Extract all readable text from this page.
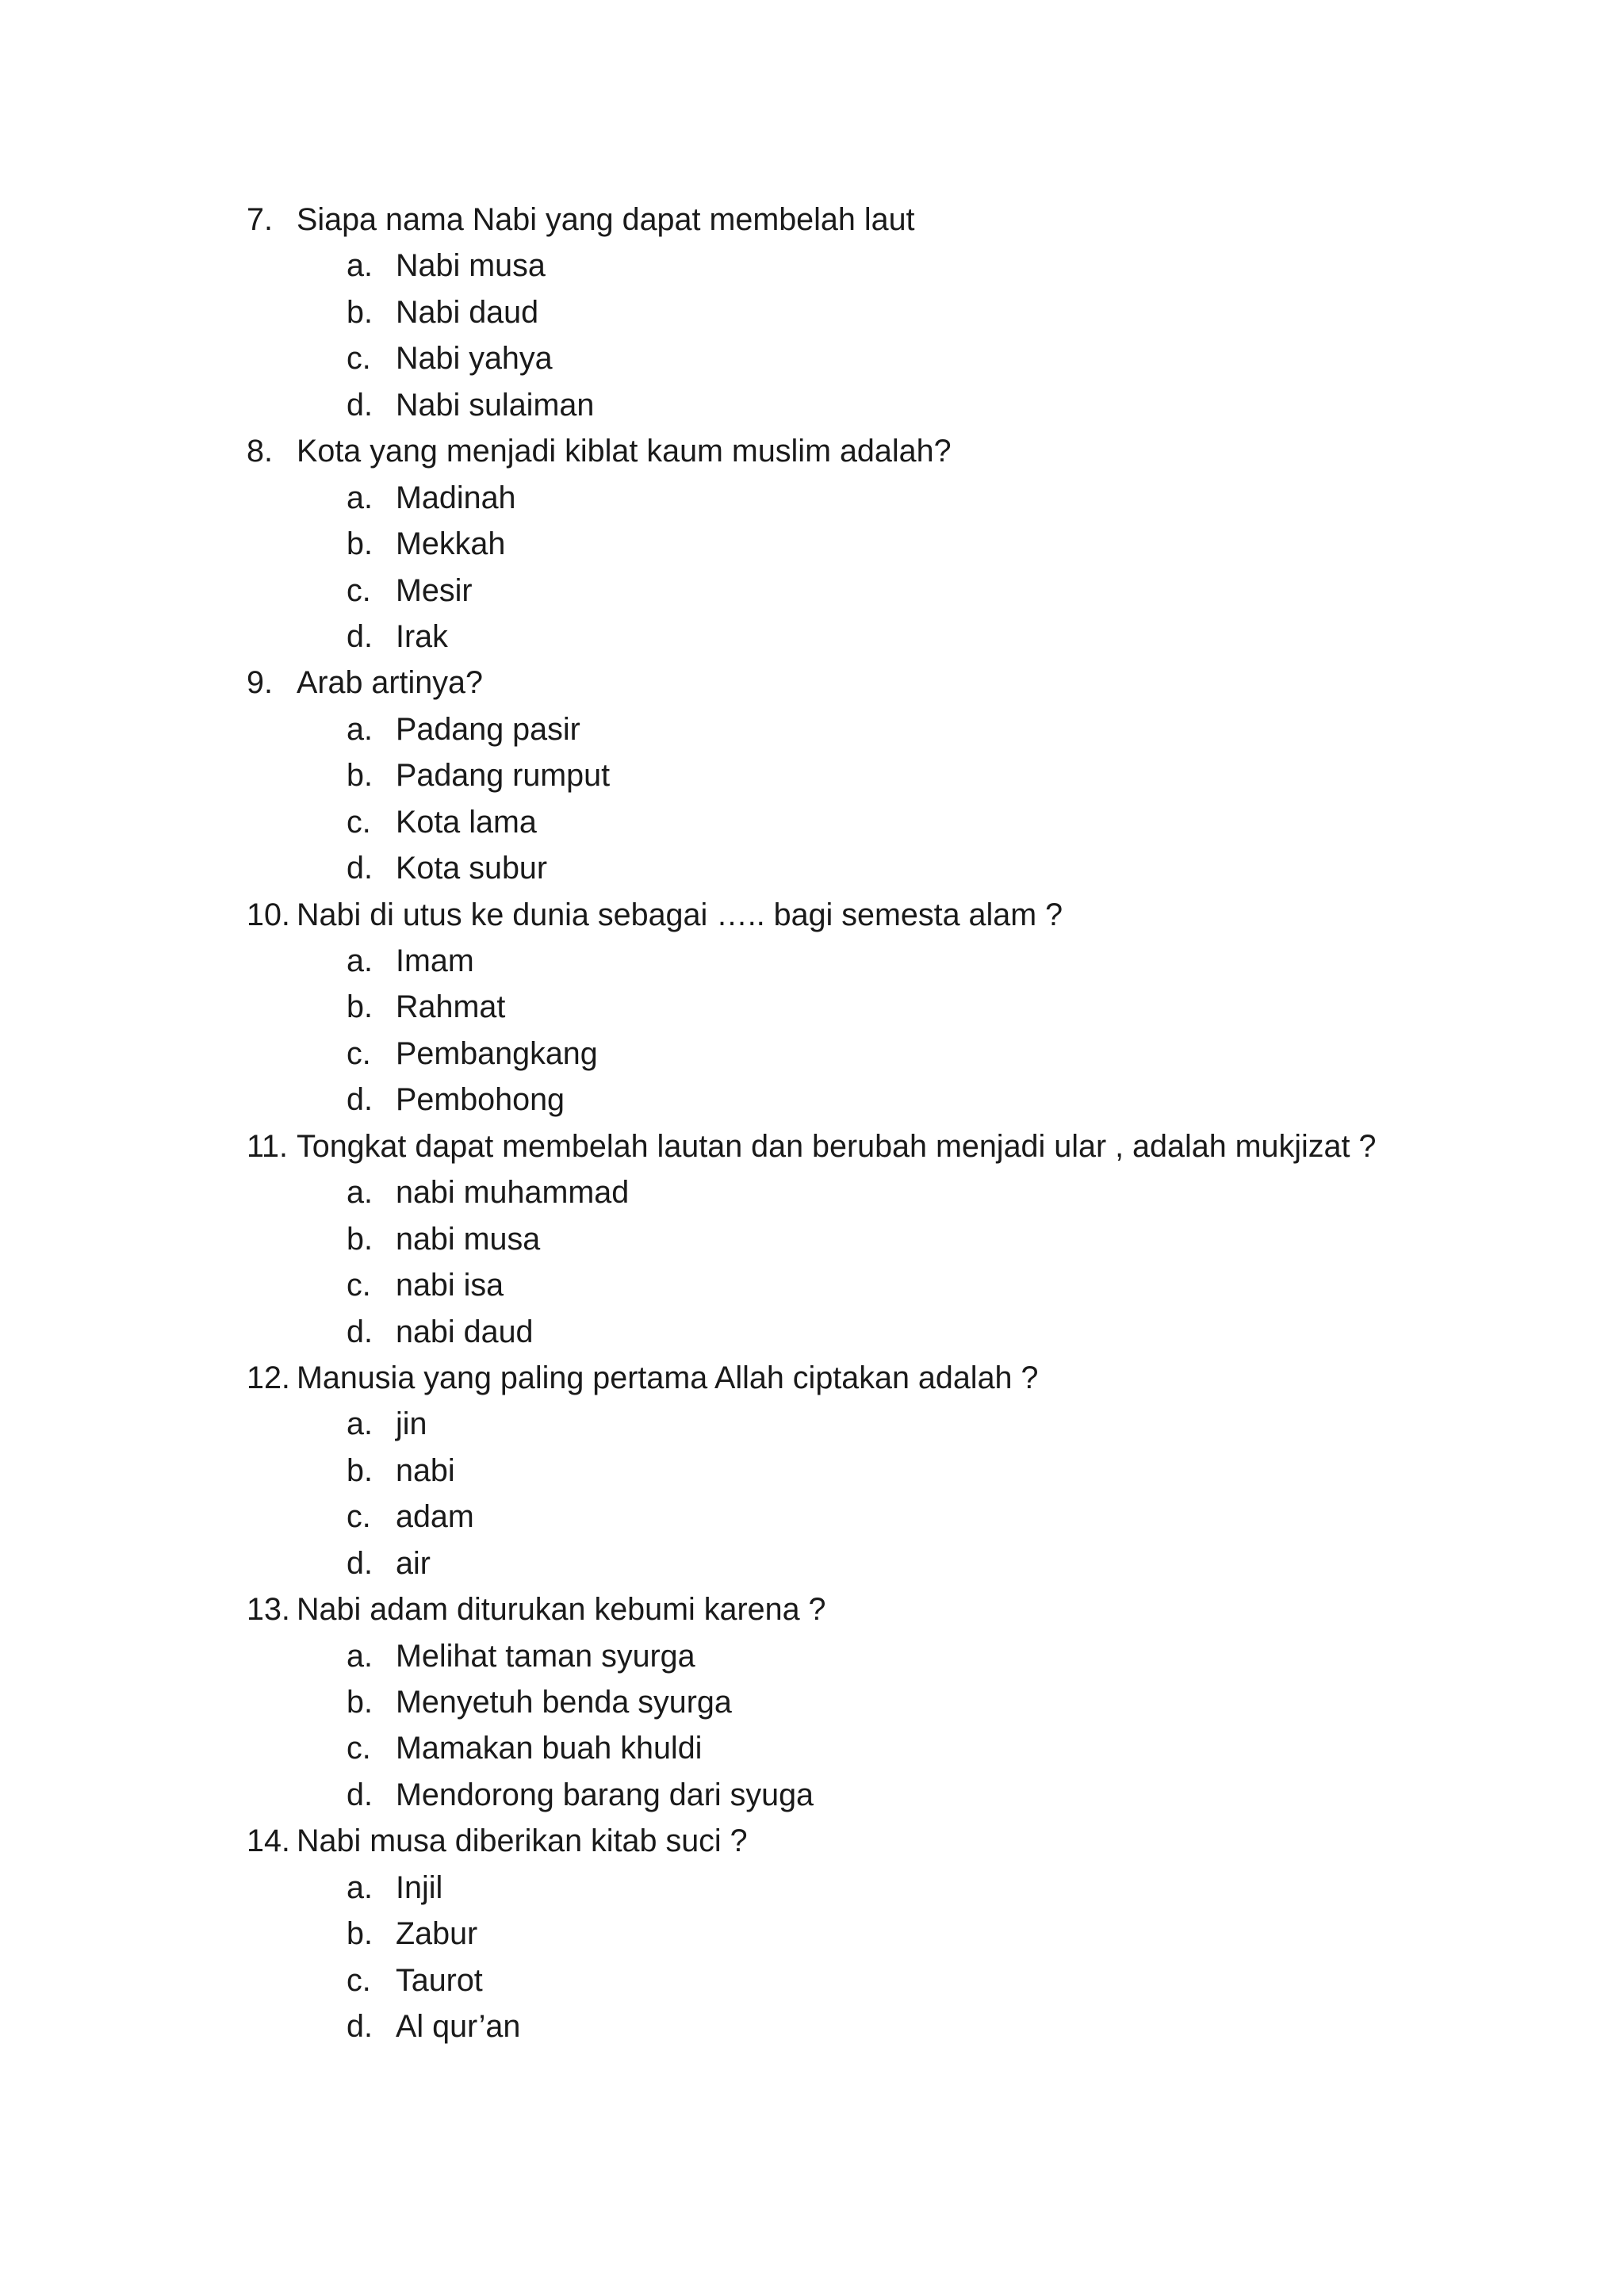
7. Siapa nama Nabi yang dapat membelah laut
a. Nabi musa
b. Nabi daud
c. Nabi yahya
d. Nabi sulaiman
8. Kota yang menjadi kiblat kaum muslim adalah?
a. Madinah
b. Mekkah
c. Mesir
d. Irak
9. Arab artinya?
a. Padang pasir
b. Padang rumput
c. Kota lama
d. Kota subur
10. Nabi di utus ke dunia sebagai ….. bagi semesta alam ?
a. Imam
b. Rahmat
c. Pembangkang
d. Pembohong
11. Tongkat dapat membelah lautan dan berubah menjadi ular , adalah mukjizat ?
a. nabi muhammad
b. nabi musa
c. nabi isa
d. nabi daud
12. Manusia yang paling pertama Allah ciptakan adalah ?
a. jin
b. nabi
c. adam
d. air
13. Nabi adam diturukan kebumi karena ?
a. Melihat taman syurga
b. Menyetuh benda syurga
c. Mamakan buah khuldi
d. Mendorong barang dari syuga
14. Nabi musa diberikan kitab suci ?
a. Injil
b. Zabur
c. Taurot
d. Al qur’an
